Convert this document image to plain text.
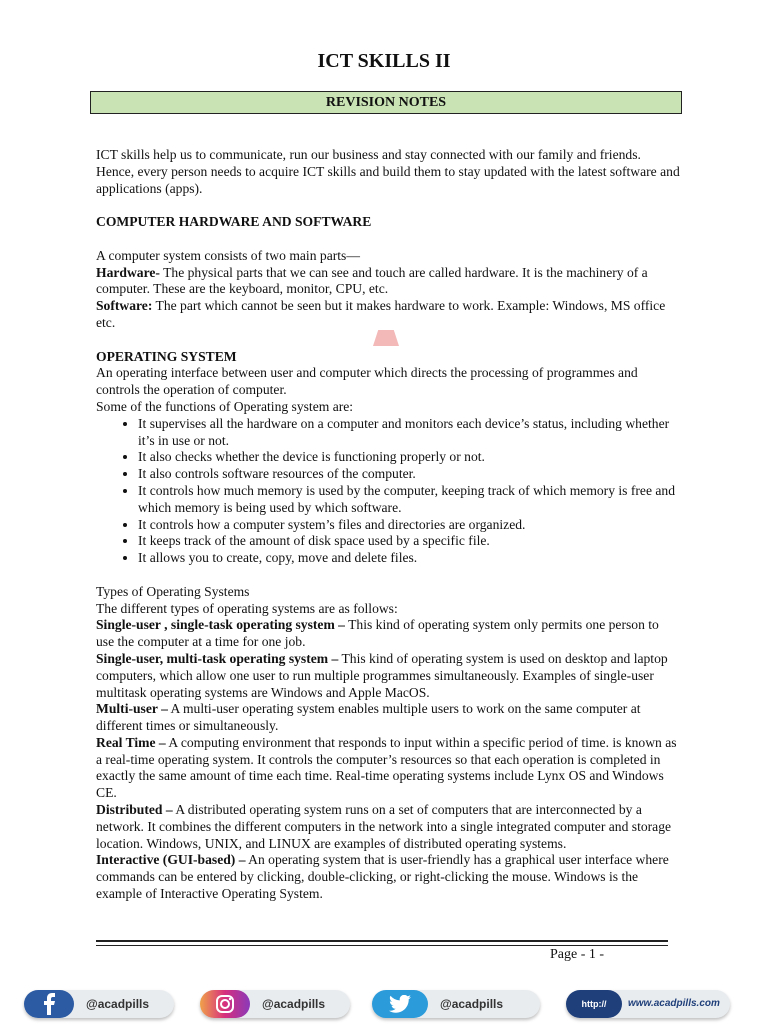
ICT SKILLS II
REVISION NOTES

ICT skills help us to communicate, run our business and stay connected with our family and friends. Hence, every person needs to acquire ICT skills and build them to stay updated with the latest software and applications (apps).

COMPUTER HARDWARE AND SOFTWARE

A computer system consists of two main parts—

Hardware- The physical parts that we can see and touch are called hardware. It is the machinery of a computer. These are the keyboard, monitor, CPU, etc.

Software: The part which cannot be seen but it makes hardware to work. Example: Windows, MS office etc.

OPERATING SYSTEM

An operating interface between user and computer which directs the processing of programmes and controls the operation of computer.

Some of the functions of Operating system are:

• It supervises all the hardware on a computer and monitors each device’s status, including whether it’s in use or not.
• It also checks whether the device is functioning properly or not.
• It also controls software resources of the computer.
• It controls how much memory is used by the computer, keeping track of which memory is free and which memory is being used by which software.
• It controls how a computer system’s files and directories are organized.
• It keeps track of the amount of disk space used by a specific file.
• It allows you to create, copy, move and delete files.

Types of Operating Systems

The different types of operating systems are as follows:

Single-user , single-task operating system – This kind of operating system only permits one person to use the computer at a time for one job.

Single-user, multi-task operating system – This kind of operating system is used on desktop and laptop computers, which allow one user to run multiple programmes simultaneously. Examples of single-user multitask operating systems are Windows and Apple MacOS.

Multi-user – A multi-user operating system enables multiple users to work on the same computer at different times or simultaneously.

Real Time – A computing environment that responds to input within a specific period of time. is known as a real-time operating system. It controls the computer’s resources so that each operation is completed in exactly the same amount of time each time. Real-time operating systems include Lynx OS and Windows CE.

Distributed – A distributed operating system runs on a set of computers that are interconnected by a network. It combines the different computers in the network into a single integrated computer and storage location. Windows, UNIX, and LINUX are examples of distributed operating systems.

Interactive (GUI-based) – An operating system that is user-friendly has a graphical user interface where commands can be entered by clicking, double-clicking, or right-clicking the mouse. Windows is the example of Interactive Operating System.

Page - 1 -
@acadpills	@acadpills	@acadpills	http:// www.acadpills.com
